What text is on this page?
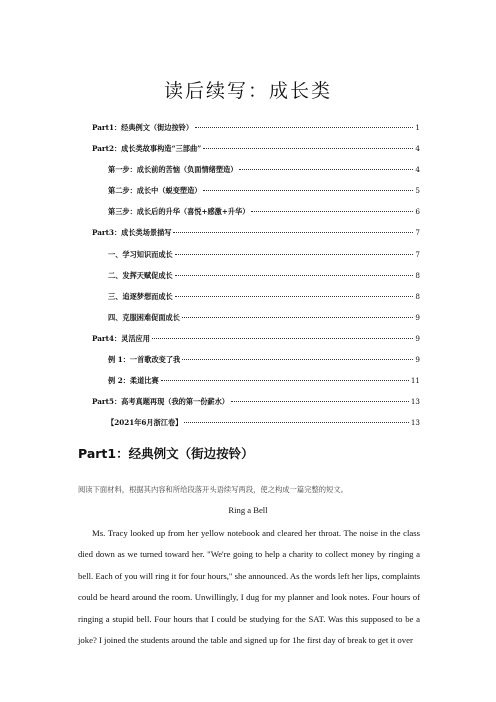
读后续写：成长类
Part1：经典例文（街边按铃）	1
Part2：成长类故事构造“三部曲”	4
第一步：成长前的苦恼（负面情绪塑造）	4
第二步：成长中（蜕变塑造）	5
第三步：成长后的升华（喜悦+感激+升华）	6
Part3：成长类场景描写	7
一、学习知识而成长	7
二、发挥天赋促成长	8
三、追逐梦想而成长	8
四、克服困难促面成长	9
Part4：灵活应用	9
例 1：一首歌改变了我	9
例 2：柔道比赛	11
Part5：高考真题再现（我的第一份薪水）	13
【2021年6月浙江卷】	13
Part1：经典例文（街边按铃）
阅读下面材料，根据其内容和所给段落开头语续写两段，使之构成一篇完整的短文。
Ring a Bell
Ms. Tracy looked up from her yellow notebook and cleared her throat. The noise in the class
died down as we turned toward her. "We're going to help a charity to collect money by ringing a
bell. Each of you will ring it for four hours," she announced. As the words left her lips, complaints
could be heard around the room. Unwillingly, I dug for my planner and look notes. Four hours of
ringing a stupid bell. Four hours that I could be studying for the SAT. Was this supposed to be a
joke? I joined the students around the table and signed up for 1he first day of break to get it over
